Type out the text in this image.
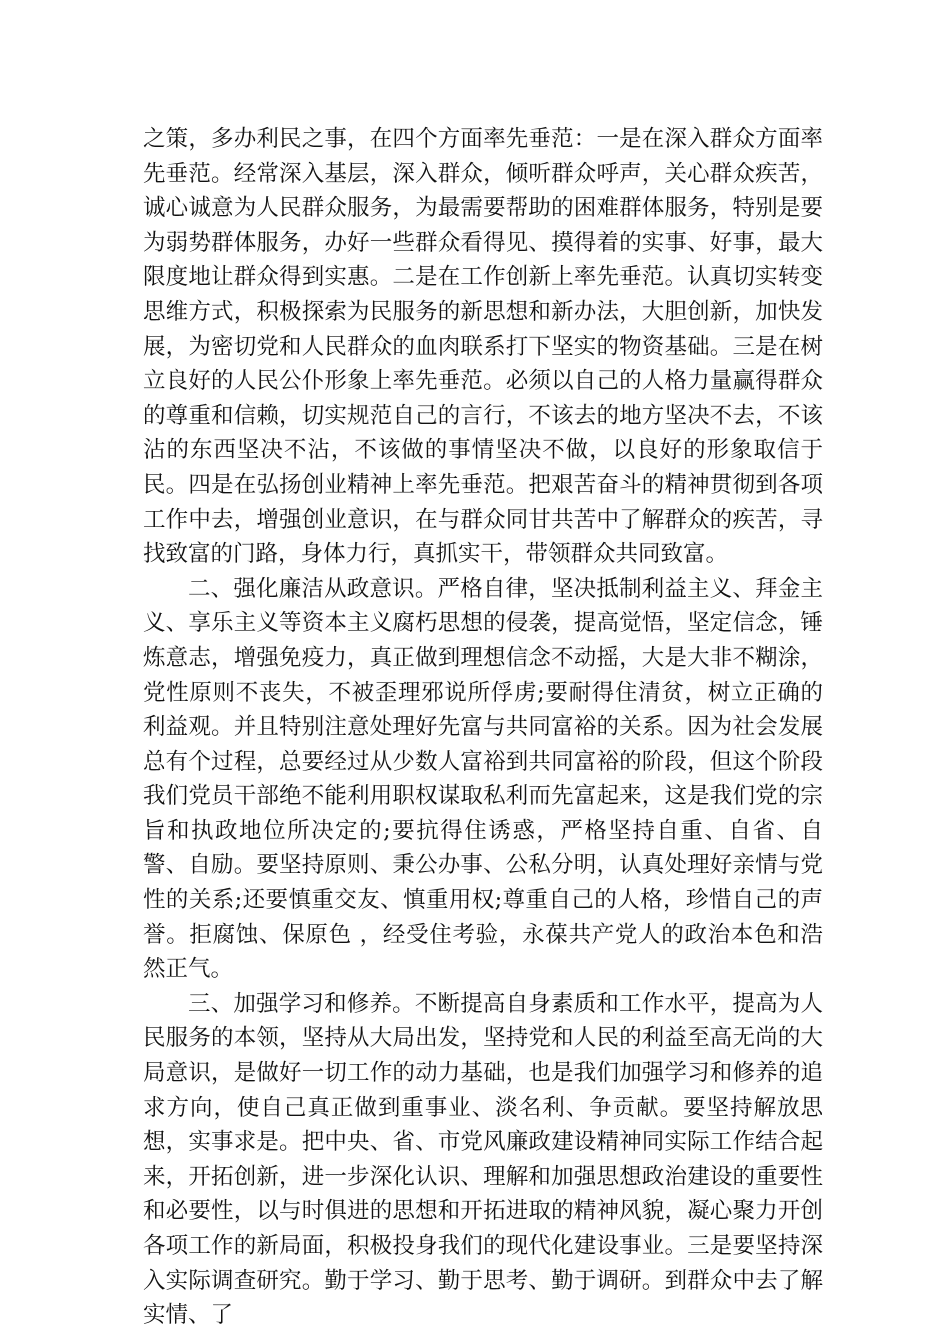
之策，多办利民之事，在四个方面率先垂范：一是在深入群众方面率先垂范。经常深入基层，深入群众，倾听群众呼声，关心群众疾苦，诚心诚意为人民群众服务，为最需要帮助的困难群体服务，特别是要为弱势群体服务，办好一些群众看得见、摸得着的实事、好事，最大限度地让群众得到实惠。二是在工作创新上率先垂范。认真切实转变思维方式，积极探索为民服务的新思想和新办法，大胆创新，加快发展，为密切党和人民群众的血肉联系打下坚实的物资基础。三是在树立良好的人民公仆形象上率先垂范。必须以自己的人格力量赢得群众的尊重和信赖，切实规范自己的言行，不该去的地方坚决不去，不该沾的东西坚决不沾，不该做的事情坚决不做，以良好的形象取信于民。四是在弘扬创业精神上率先垂范。把艰苦奋斗的精神贯彻到各项工作中去，增强创业意识，在与群众同甘共苦中了解群众的疾苦，寻找致富的门路，身体力行，真抓实干，带领群众共同致富。

二、强化廉洁从政意识。严格自律，坚决抵制利益主义、拜金主义、享乐主义等资本主义腐朽思想的侵袭，提高觉悟，坚定信念，锤炼意志，增强免疫力，真正做到理想信念不动摇，大是大非不糊涂，党性原则不丧失，不被歪理邪说所俘虏;要耐得住清贫，树立正确的利益观。并且特别注意处理好先富与共同富裕的关系。因为社会发展总有个过程，总要经过从少数人富裕到共同富裕的阶段，但这个阶段我们党员干部绝不能利用职权谋取私利而先富起来，这是我们党的宗旨和执政地位所决定的;要抗得住诱惑，严格坚持自重、自省、自警、自励。要坚持原则、秉公办事、公私分明，认真处理好亲情与党性的关系;还要慎重交友、慎重用权;尊重自己的人格，珍惜自己的声誉。拒腐蚀、保原色 ，经受住考验，永葆共产党人的政治本色和浩然正气。

三、加强学习和修养。不断提高自身素质和工作水平，提高为人民服务的本领，坚持从大局出发，坚持党和人民的利益至高无尚的大局意识，是做好一切工作的动力基础，也是我们加强学习和修养的追求方向，使自己真正做到重事业、淡名利、争贡献。要坚持解放思想，实事求是。把中央、省、市党风廉政建设精神同实际工作结合起来，开拓创新，进一步深化认识、理解和加强思想政治建设的重要性和必要性，以与时俱进的思想和开拓进取的精神风貌，凝心聚力开创各项工作的新局面，积极投身我们的现代化建设事业。三是要坚持深入实际调查研究。勤于学习、勤于思考、勤于调研。到群众中去了解实情、了
